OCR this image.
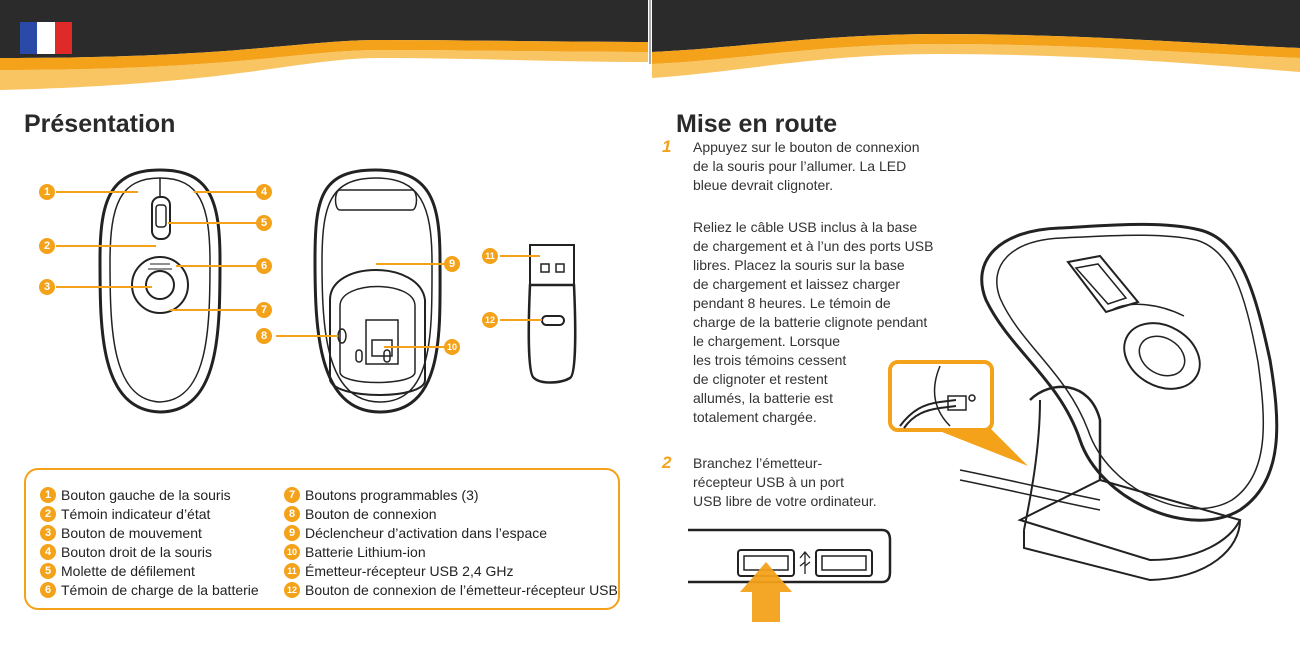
Présentation	Mise en route
1
2
3
4
5
6
7
8
9
10
11
12
1 Bouton gauche de la souris
2 Témoin indicateur d’état
3 Bouton de mouvement
4 Bouton droit de la souris
5 Molette de défilement
6 Témoin de charge de la batterie
7 Boutons programmables (3)
8 Bouton de connexion
9 Déclencheur d’activation dans l’espace
10 Batterie Lithium-ion
11 Émetteur-récepteur USB 2,4 GHz
12 Bouton de connexion de l’émetteur-récepteur USB
1 Appuyez sur le bouton de connexion
de la souris pour l’allumer. La LED
bleue devrait clignoter.
Reliez le câble USB inclus à la base
de chargement et à l’un des ports USB
libres. Placez la souris sur la base
de chargement et laissez charger
pendant 8 heures. Le témoin de
charge de la batterie clignote pendant
le chargement. Lorsque
les trois témoins cessent
de clignoter et restent
allumés, la batterie est
totalement chargée.
2 Branchez l’émetteur-
récepteur USB à un port
USB libre de votre ordinateur.
